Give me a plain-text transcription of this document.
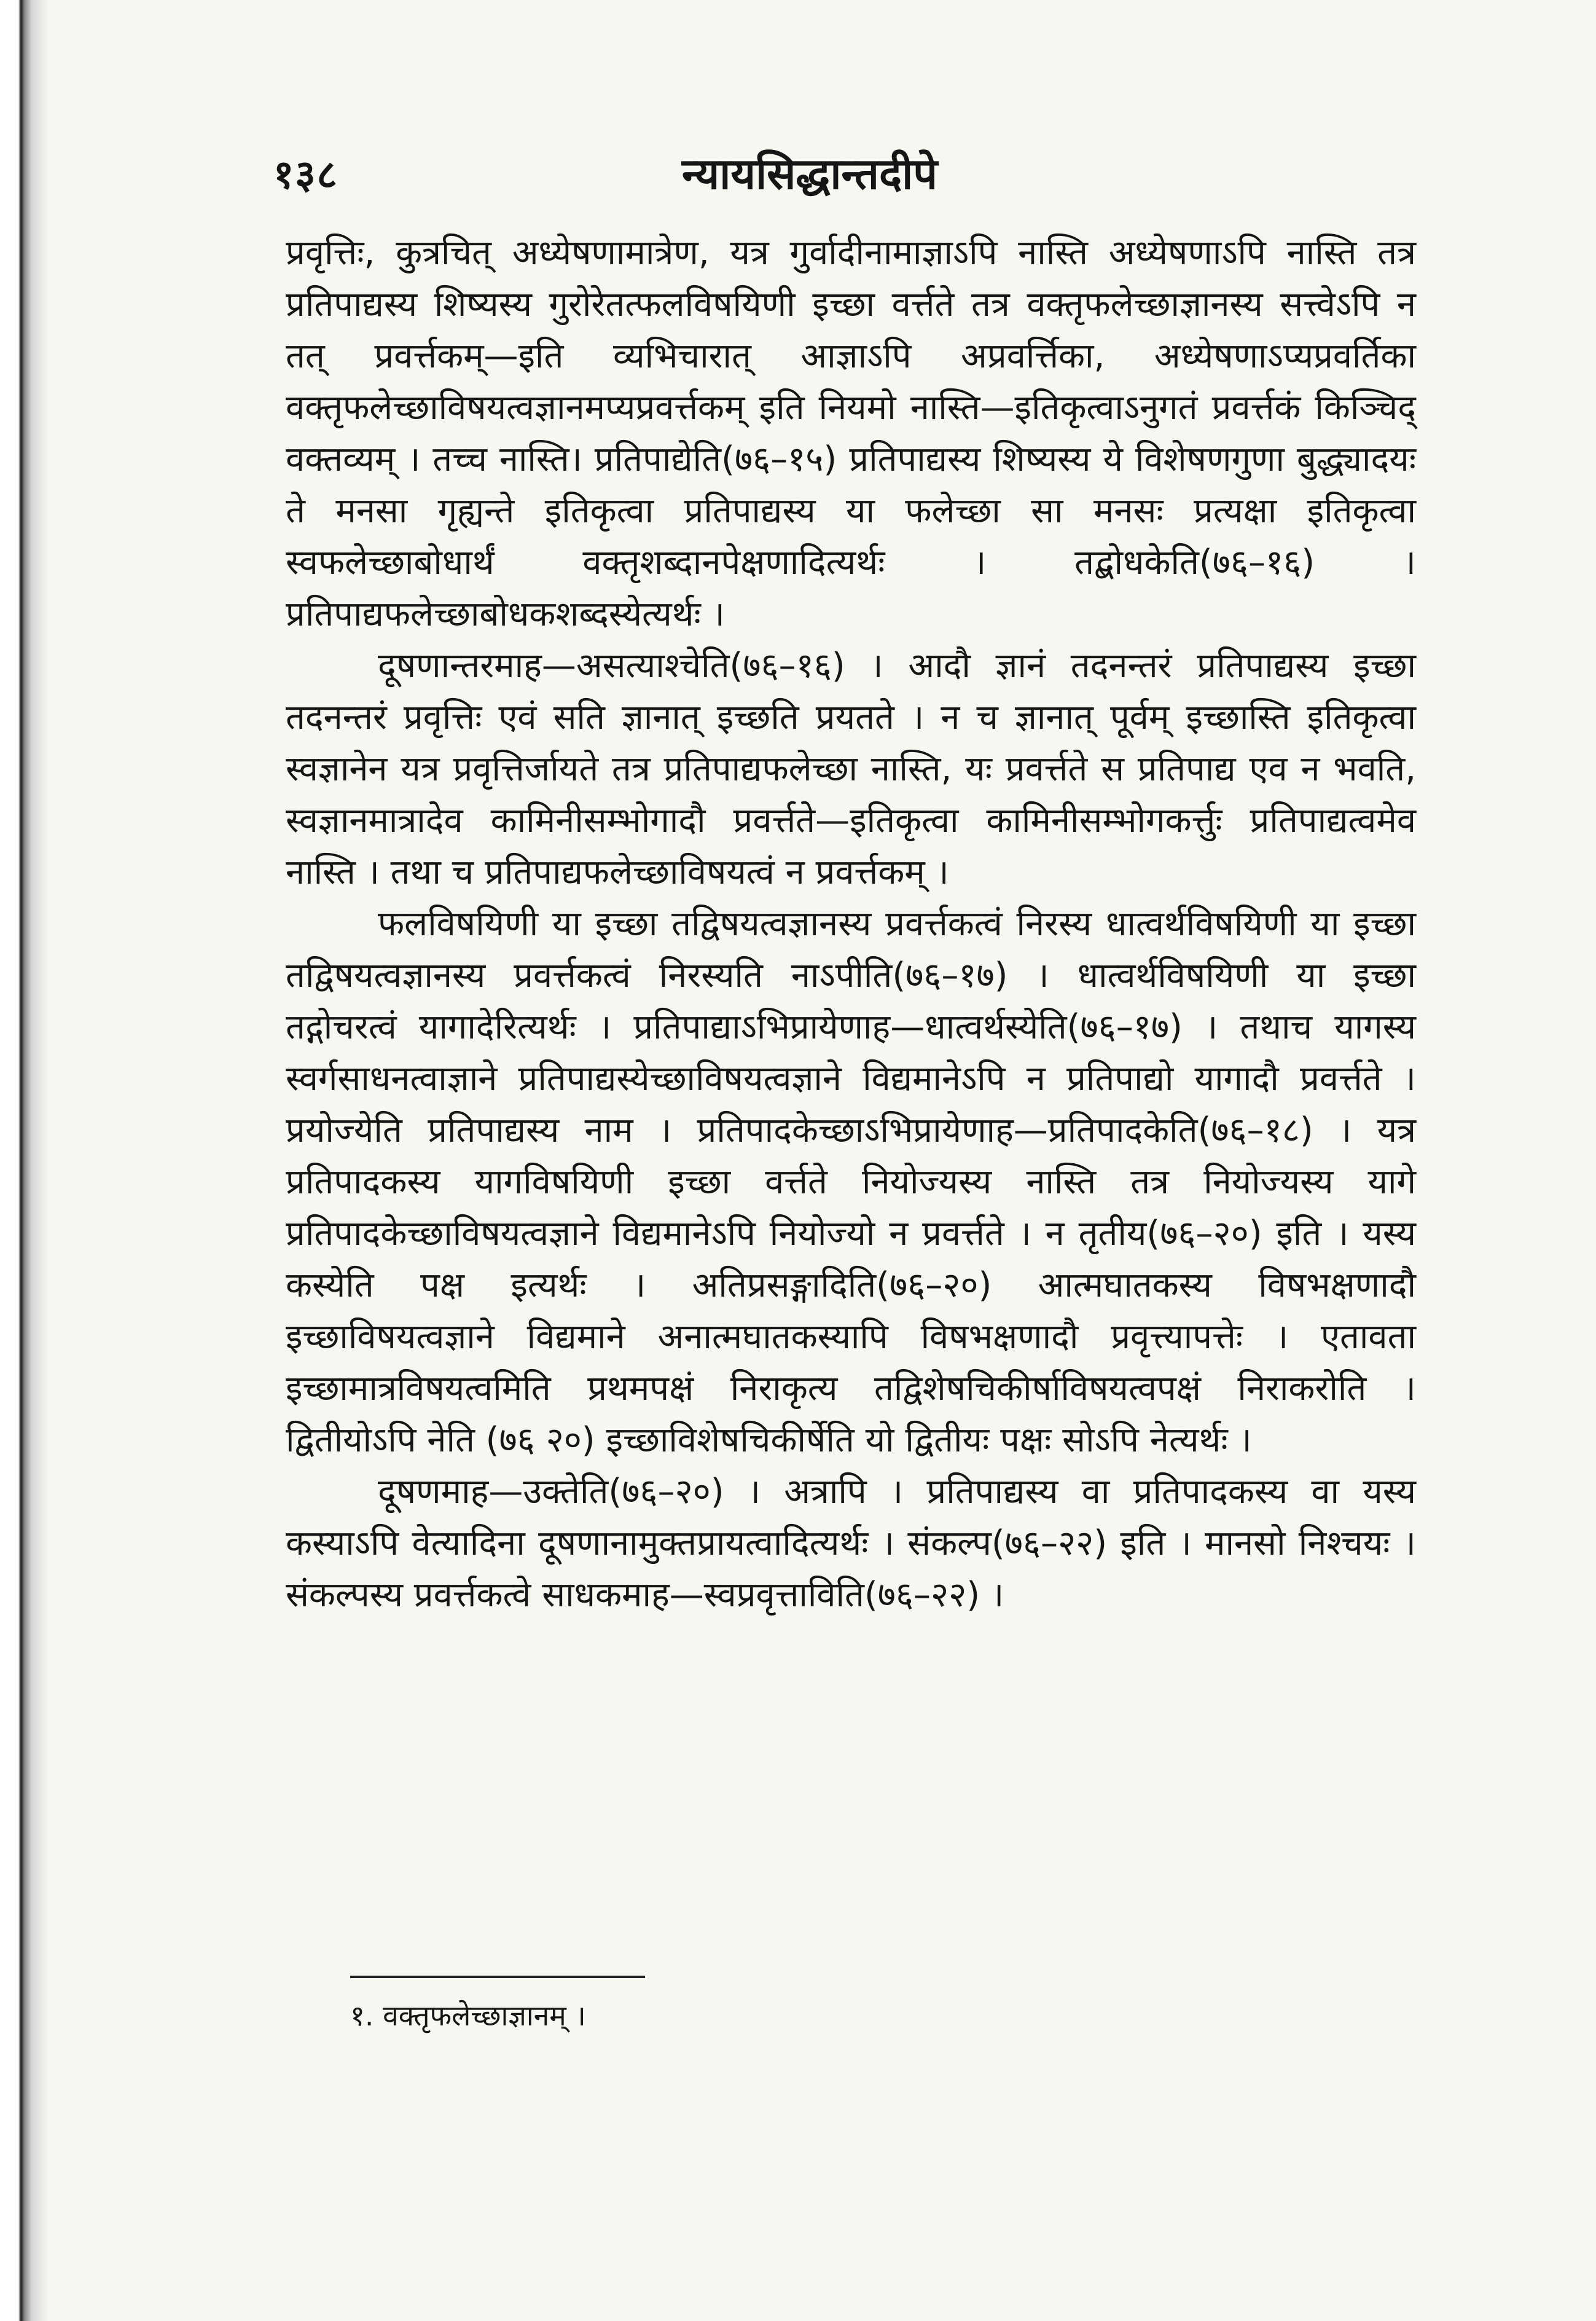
१३८	न्यायसिद्धान्तदीपे

प्रवृत्तिः, कुत्रचित् अध्येषणामात्रेण, यत्र गुर्वादीनामाज्ञाऽपि नास्ति अध्येषणाऽपि नास्ति तत्र प्रतिपाद्यस्य शिष्यस्य गुरोरेतत्फलविषयिणी इच्छा वर्त्तते तत्र वक्तृफलेच्छाज्ञानस्य सत्त्वेऽपि न तत् प्रवर्त्तकम्—इति व्यभिचारात् आज्ञाऽपि अप्रवर्त्तिका, अध्येषणाऽप्यप्रवर्तिका वक्तृफलेच्छाविषयत्वज्ञानमप्यप्रवर्त्तकम् इति नियमो नास्ति—इतिकृत्वाऽनुगतं प्रवर्त्तकं किञ्चिद् वक्तव्यम् । तच्च नास्ति। प्रतिपाद्येति(७६–१५) प्रतिपाद्यस्य शिष्यस्य ये विशेषणगुणा बुद्ध्यादयः ते मनसा गृह्यन्ते इतिकृत्वा प्रतिपाद्यस्य या फलेच्छा सा मनसः प्रत्यक्षा इतिकृत्वा स्वफलेच्छाबोधार्थं वक्तृशब्दानपेक्षणादित्यर्थः । तद्बोधकेति(७६–१६) । प्रतिपाद्यफलेच्छाबोधकशब्दस्येत्यर्थः ।

दूषणान्तरमाह—असत्याश्चेति(७६–१६) । आदौ ज्ञानं तदनन्तरं प्रतिपाद्यस्य इच्छा तदनन्तरं प्रवृत्तिः एवं सति ज्ञानात् इच्छति प्रयतते । न च ज्ञानात् पूर्वम् इच्छास्ति इतिकृत्वा स्वज्ञानेन यत्र प्रवृत्तिर्जायते तत्र प्रतिपाद्यफलेच्छा नास्ति, यः प्रवर्त्तते स प्रतिपाद्य एव न भवति, स्वज्ञानमात्रादेव कामिनीसम्भोगादौ प्रवर्त्तते—इतिकृत्वा कामिनीसम्भोगकर्त्तुः प्रतिपाद्यत्वमेव नास्ति । तथा च प्रतिपाद्यफलेच्छाविषयत्वं न प्रवर्त्तकम् ।

फलविषयिणी या इच्छा तद्विषयत्वज्ञानस्य प्रवर्त्तकत्वं निरस्य धात्वर्थविषयिणी या इच्छा तद्विषयत्वज्ञानस्य प्रवर्त्तकत्वं निरस्यति नाऽपीति(७६–१७) । धात्वर्थविषयिणी या इच्छा तद्गोचरत्वं यागादेरित्यर्थः । प्रतिपाद्याऽभिप्रायेणाह—धात्वर्थस्येति(७६–१७) । तथाच यागस्य स्वर्गसाधनत्वाज्ञाने प्रतिपाद्यस्येच्छाविषयत्वज्ञाने विद्यमानेऽपि न प्रतिपाद्यो यागादौ प्रवर्त्तते । प्रयोज्येति प्रतिपाद्यस्य नाम । प्रतिपादकेच्छाऽभिप्रायेणाह—प्रतिपादकेति(७६–१८) । यत्र प्रतिपादकस्य यागविषयिणी इच्छा वर्त्तते नियोज्यस्य नास्ति तत्र नियोज्यस्य यागे प्रतिपादकेच्छाविषयत्वज्ञाने विद्यमानेऽपि नियोज्यो न प्रवर्त्तते । न तृतीय(७६–२०) इति । यस्य कस्येति पक्ष इत्यर्थः । अतिप्रसङ्गादिति(७६–२०) आत्मघातकस्य विषभक्षणादौ इच्छाविषयत्वज्ञाने विद्यमाने अनात्मघातकस्यापि विषभक्षणादौ प्रवृत्त्यापत्तेः । एतावता इच्छामात्रविषयत्वमिति प्रथमपक्षं निराकृत्य तद्विशेषचिकीर्षाविषयत्वपक्षं निराकरोति । द्वितीयोऽपि नेति (७६ २०) इच्छाविशेषचिकीर्षेति यो द्वितीयः पक्षः सोऽपि नेत्यर्थः ।

दूषणमाह—उक्तेति(७६–२०) । अत्रापि । प्रतिपाद्यस्य वा प्रतिपादकस्य वा यस्य कस्याऽपि वेत्यादिना दूषणानामुक्तप्रायत्वादित्यर्थः । संकल्प(७६–२२) इति । मानसो निश्चयः । संकल्पस्य प्रवर्त्तकत्वे साधकमाह—स्वप्रवृत्ताविति(७६–२२) ।

१. वक्तृफलेच्छाज्ञानम् ।
